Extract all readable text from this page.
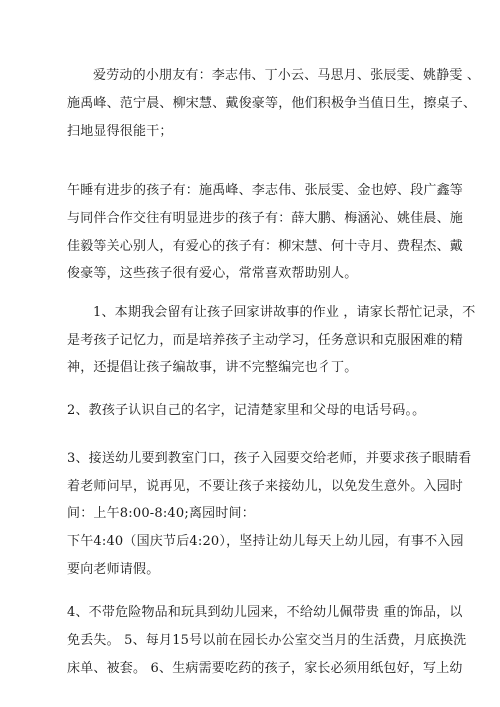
爱劳动的小朋友有：李志伟、丁小云、马思月、张辰雯、姚静雯 、
施禹峰、范宁晨、柳宋慧、戴俊豪等，他们积极争当值日生，擦桌子、
扫地显得很能干；
午睡有进步的孩子有：施禹峰、李志伟、张辰雯、金也婷、段广鑫等
与同伴合作交往有明显进步的孩子有：薛大鹏、梅涵沁、姚佳晨、施
佳毅等关心别人，有爱心的孩子有：柳宋慧、何十寺月、费程杰、戴
俊豪等，这些孩子很有爱心，常常喜欢帮助别人。
1、本期我会留有让孩子回家讲故事的作业 ，请家长帮忙记录，不
是考孩子记忆力，而是培养孩子主动学习，任务意识和克服困难的精
神，还提倡让孩子编故事，讲不完整编完也彳丁。
2、教孩子认识自己的名字，记清楚家里和父母的电话号码。。
3、接送幼儿要到教室门口，孩子入园要交给老师，并要求孩子眼睛看
着老师问早，说再见，不要让孩子来接幼儿，以免发生意外。入园时
间：上午8:00-8:40;离园时间：
下午4:40（国庆节后4:20），坚持让幼儿每天上幼儿园，有事不入园
要向老师请假。
4、不带危险物品和玩具到幼儿园来，不给幼儿佩带贵 重的饰品，以
免丢失。 5、每月15号以前在园长办公室交当月的生活费，月底换洗
床单、被套。 6、生病需要吃药的孩子，家长必须用纸包好，写上幼
